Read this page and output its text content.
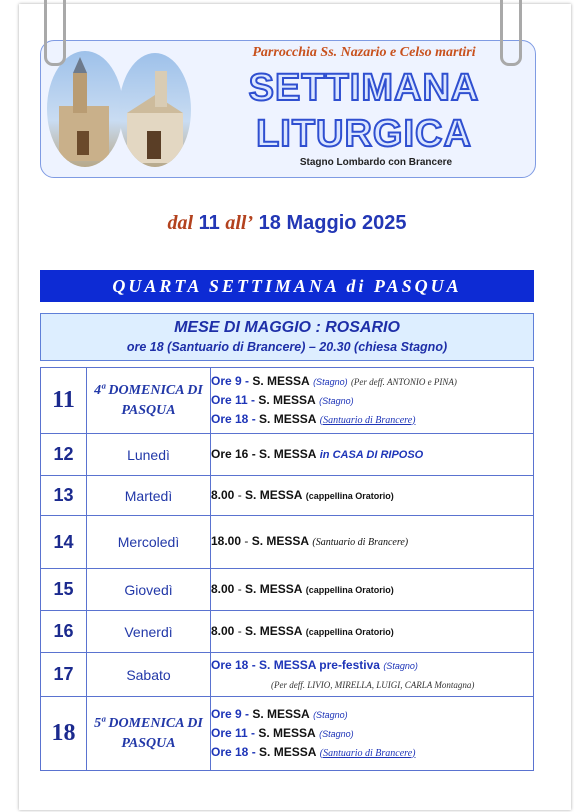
Parrocchia Ss. Nazario e Celso martiri
SETTIMANA
LITURGICA
Stagno Lombardo con Brancere
dal 11 all’ 18 Maggio 2025
QUARTA SETTIMANA di PASQUA
MESE DI MAGGIO : ROSARIO
ore 18 (Santuario di Brancere) – 20.30 (chiesa Stagno)
11	4ª DOMENICA DI PASQUA	Ore 9 - S. MESSA (Stagno) (Per deff. ANTONIO e PINA)
Ore 11 - S. MESSA (Stagno)
Ore 18 - S. MESSA (Santuario di Brancere)

12	Lunedì	Ore 16 - S. MESSA in CASA DI RIPOSO

13	Martedì	8.00 - S. MESSA (cappellina Oratorio)

14	Mercoledì	18.00 - S. MESSA (Santuario di Brancere)

15	Giovedì	8.00 - S. MESSA (cappellina Oratorio)

16	Venerdì	8.00 - S. MESSA (cappellina Oratorio)

17	Sabato	Ore 18 - S. MESSA pre-festiva (Stagno)
(Per deff. LIVIO, MIRELLA, LUIGI, CARLA Montagna)

18	5ª DOMENICA DI PASQUA	Ore 9 - S. MESSA (Stagno)
Ore 11 - S. MESSA (Stagno)
Ore 18 - S. MESSA (Santuario di Brancere)
